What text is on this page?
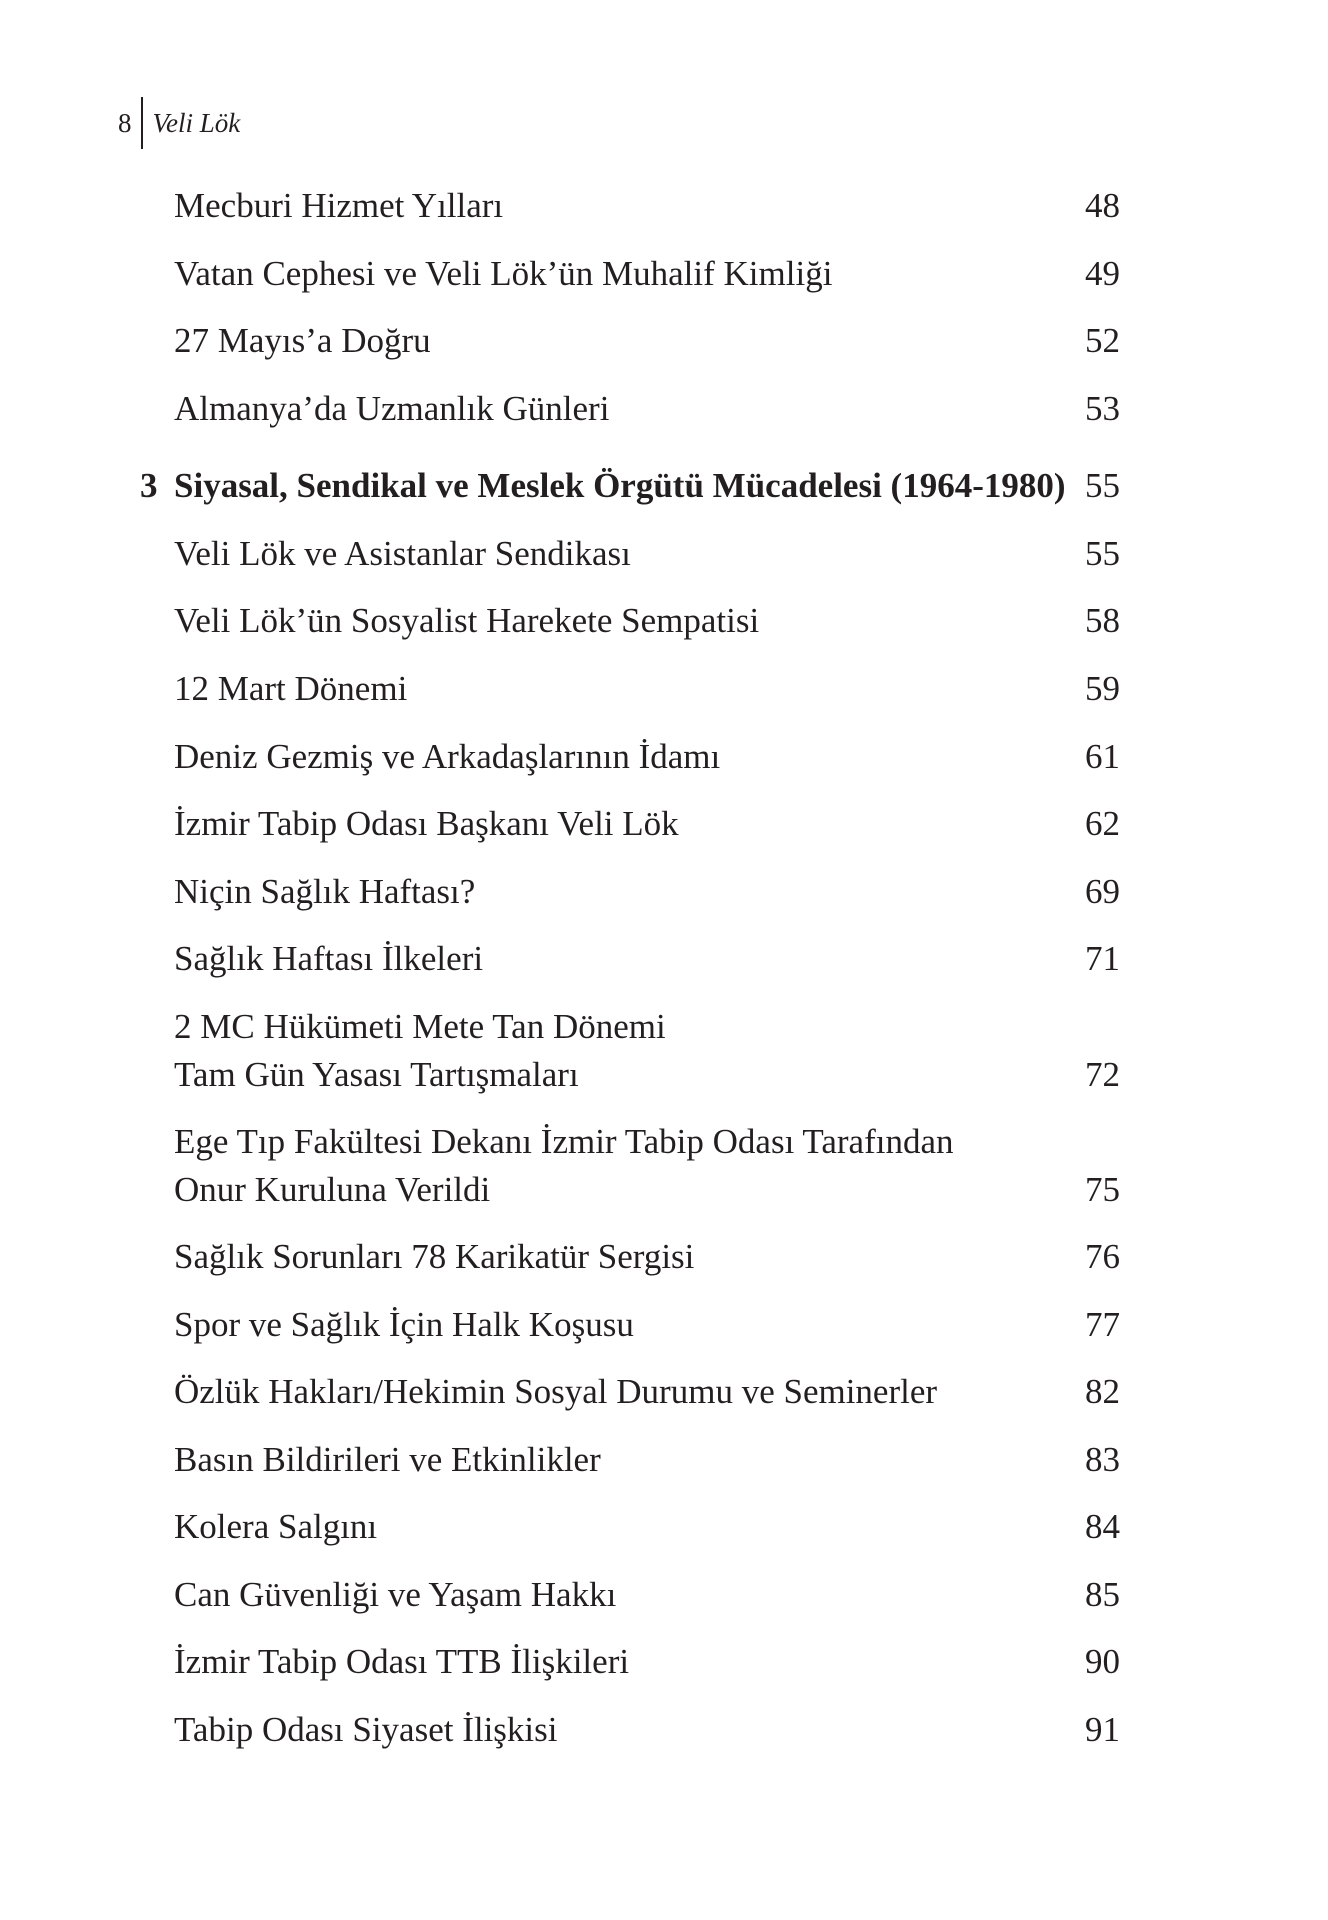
8 Veli Lök
Mecburi Hizmet Yılları	48
Vatan Cephesi ve Veli Lök’ün Muhalif Kimliği	49
27 Mayıs’a Doğru	52
Almanya’da Uzmanlık Günleri	53
3 Siyasal, Sendikal ve Meslek Örgütü Mücadelesi (1964-1980) 55
Veli Lök ve Asistanlar Sendikası	55
Veli Lök’ün Sosyalist Harekete Sempatisi	58
12 Mart Dönemi	59
Deniz Gezmiş ve Arkadaşlarının İdamı	61
İzmir Tabip Odası Başkanı Veli Lök	62
Niçin Sağlık Haftası?	69
Sağlık Haftası İlkeleri	71
2 MC Hükümeti Mete Tan Dönemi
Tam Gün Yasası Tartışmaları	72
Ege Tıp Fakültesi Dekanı İzmir Tabip Odası Tarafından
Onur Kuruluna Verildi	75
Sağlık Sorunları 78 Karikatür Sergisi	76
Spor ve Sağlık İçin Halk Koşusu	77
Özlük Hakları/Hekimin Sosyal Durumu ve Seminerler	82
Basın Bildirileri ve Etkinlikler	83
Kolera Salgını	84
Can Güvenliği ve Yaşam Hakkı	85
İzmir Tabip Odası TTB İlişkileri	90
Tabip Odası Siyaset İlişkisi	91
